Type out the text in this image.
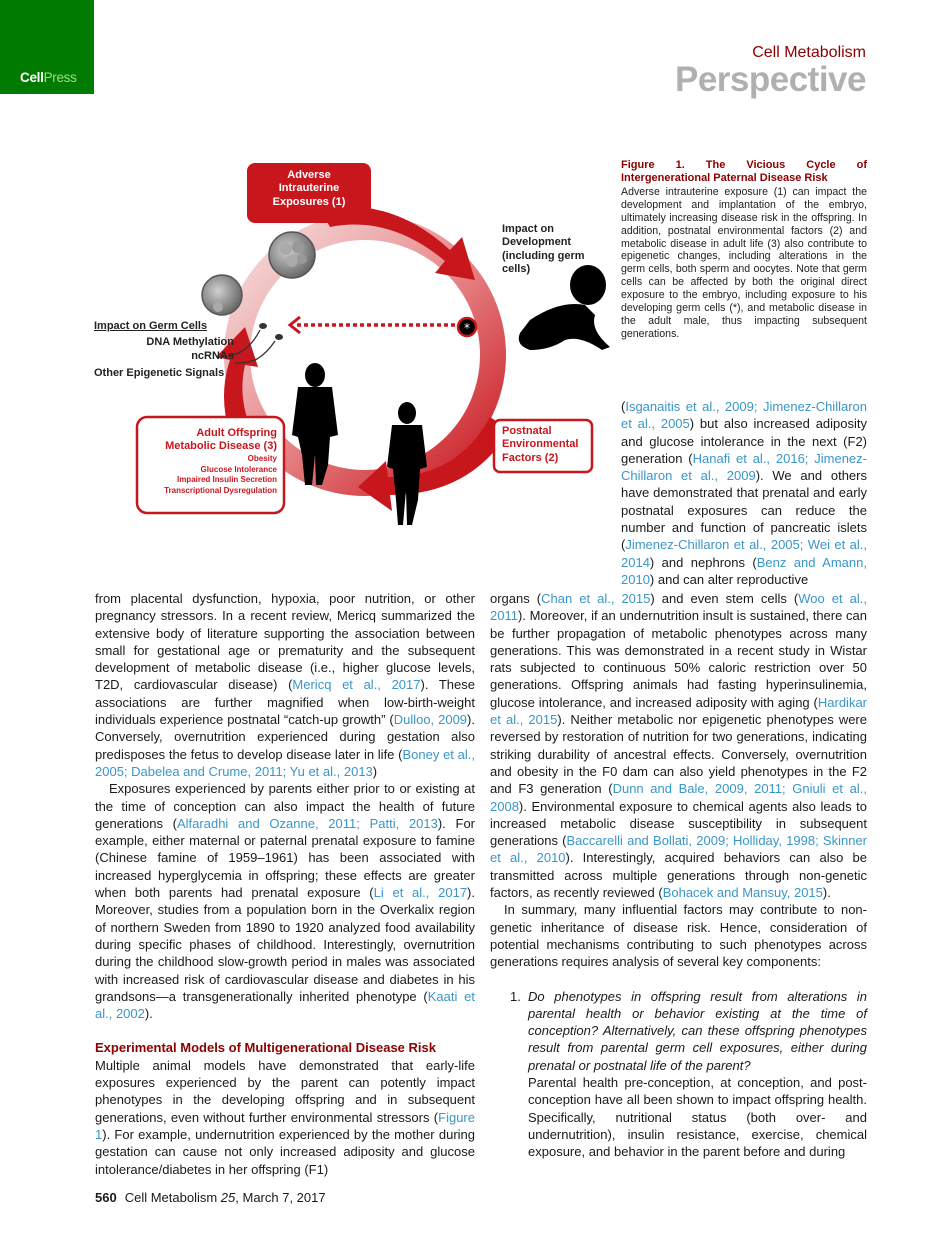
CellPress
Cell Metabolism
Perspective
*
Adverse
Intrauterine
Exposures (1)
Impact on
Development
(including germ
cells)
Impact on Germ Cells
DNA Methylation
ncRNAs
Other Epigenetic Signals
Postnatal
Environmental
Factors (2)
Adult Offspring
Metabolic Disease (3)
Obesity
Glucose Intolerance
Impaired Insulin Secretion
Transcriptional Dysregulation
Figure 1. The Vicious Cycle of Intergenerational Paternal Disease Risk
Adverse intrauterine exposure (1) can impact the development and implantation of the embryo, ultimately increasing disease risk in the offspring. In addition, postnatal environmental factors (2) and metabolic disease in adult life (3) also contribute to epigenetic changes, including alterations in the germ cells, both sperm and oocytes. Note that germ cells can be affected by both the original direct exposure to the embryo, including exposure to his developing germ cells (*), and metabolic disease in the adult male, thus impacting subsequent generations.

(Isganaitis et al., 2009; Jimenez-Chillaron et al., 2005) but also increased adiposity and glucose intolerance in the next (F2) generation (Hanafi et al., 2016; Jimenez-Chillaron et al., 2009). We and others have demonstrated that prenatal and early postnatal exposures can reduce the number and function of pancreatic islets (Jimenez-Chillaron et al., 2005; Wei et al., 2014) and nephrons (Benz and Amann, 2010) and can alter reproductive

from placental dysfunction, hypoxia, poor nutrition, or other pregnancy stressors. In a recent review, Mericq summarized the extensive body of literature supporting the association between small for gestational age or prematurity and the subsequent development of metabolic disease (i.e., higher glucose levels, T2D, cardiovascular disease) (Mericq et al., 2017). These associations are further magnified when low-birth-weight individuals experience postnatal “catch-up growth” (Dulloo, 2009). Conversely, overnutrition experienced during gestation also predisposes the fetus to develop disease later in life (Boney et al., 2005; Dabelea and Crume, 2011; Yu et al., 2013)

Exposures experienced by parents either prior to or existing at the time of conception can also impact the health of future generations (Alfaradhi and Ozanne, 2011; Patti, 2013). For example, either maternal or paternal prenatal exposure to famine (Chinese famine of 1959–1961) has been associated with increased hyperglycemia in offspring; these effects are greater when both parents had prenatal exposure (Li et al., 2017). Moreover, studies from a population born in the Overkalix region of northern Sweden from 1890 to 1920 analyzed food availability during specific phases of childhood. Interestingly, overnutrition during the childhood slow-growth period in males was associated with increased risk of cardiovascular disease and diabetes in his grandsons—a transgenerationally inherited phenotype (Kaati et al., 2002).

Experimental Models of Multigenerational Disease Risk

Multiple animal models have demonstrated that early-life exposures experienced by the parent can potently impact phenotypes in the developing offspring and in subsequent generations, even without further environmental stressors (Figure 1). For example, undernutrition experienced by the mother during gestation can cause not only increased adiposity and glucose intolerance/diabetes in her offspring (F1)

organs (Chan et al., 2015) and even stem cells (Woo et al., 2011). Moreover, if an undernutrition insult is sustained, there can be further propagation of metabolic phenotypes across many generations. This was demonstrated in a recent study in Wistar rats subjected to continuous 50% caloric restriction over 50 generations. Offspring animals had fasting hyperinsulinemia, glucose intolerance, and increased adiposity with aging (Hardikar et al., 2015). Neither metabolic nor epigenetic phenotypes were reversed by restoration of nutrition for two generations, indicating striking durability of ancestral effects. Conversely, overnutrition and obesity in the F0 dam can also yield phenotypes in the F2 and F3 generation (Dunn and Bale, 2009, 2011; Gniuli et al., 2008). Environmental exposure to chemical agents also leads to increased metabolic disease susceptibility in subsequent generations (Baccarelli and Bollati, 2009; Holliday, 1998; Skinner et al., 2010). Interestingly, acquired behaviors can also be transmitted across multiple generations through non-genetic factors, as recently reviewed (Bohacek and Mansuy, 2015).

In summary, many influential factors may contribute to non-genetic inheritance of disease risk. Hence, consideration of potential mechanisms contributing to such phenotypes across generations requires analysis of several key components:

1. Do phenotypes in offspring result from alterations in parental health or behavior existing at the time of conception? Alternatively, can these offspring phenotypes result from parental germ cell exposures, either during prenatal or postnatal life of the parent?
Parental health pre-conception, at conception, and post-conception have all been shown to impact offspring health. Specifically, nutritional status (both over- and undernutrition), insulin resistance, exercise, chemical exposure, and behavior in the parent before and during
560 Cell Metabolism 25, March 7, 2017
